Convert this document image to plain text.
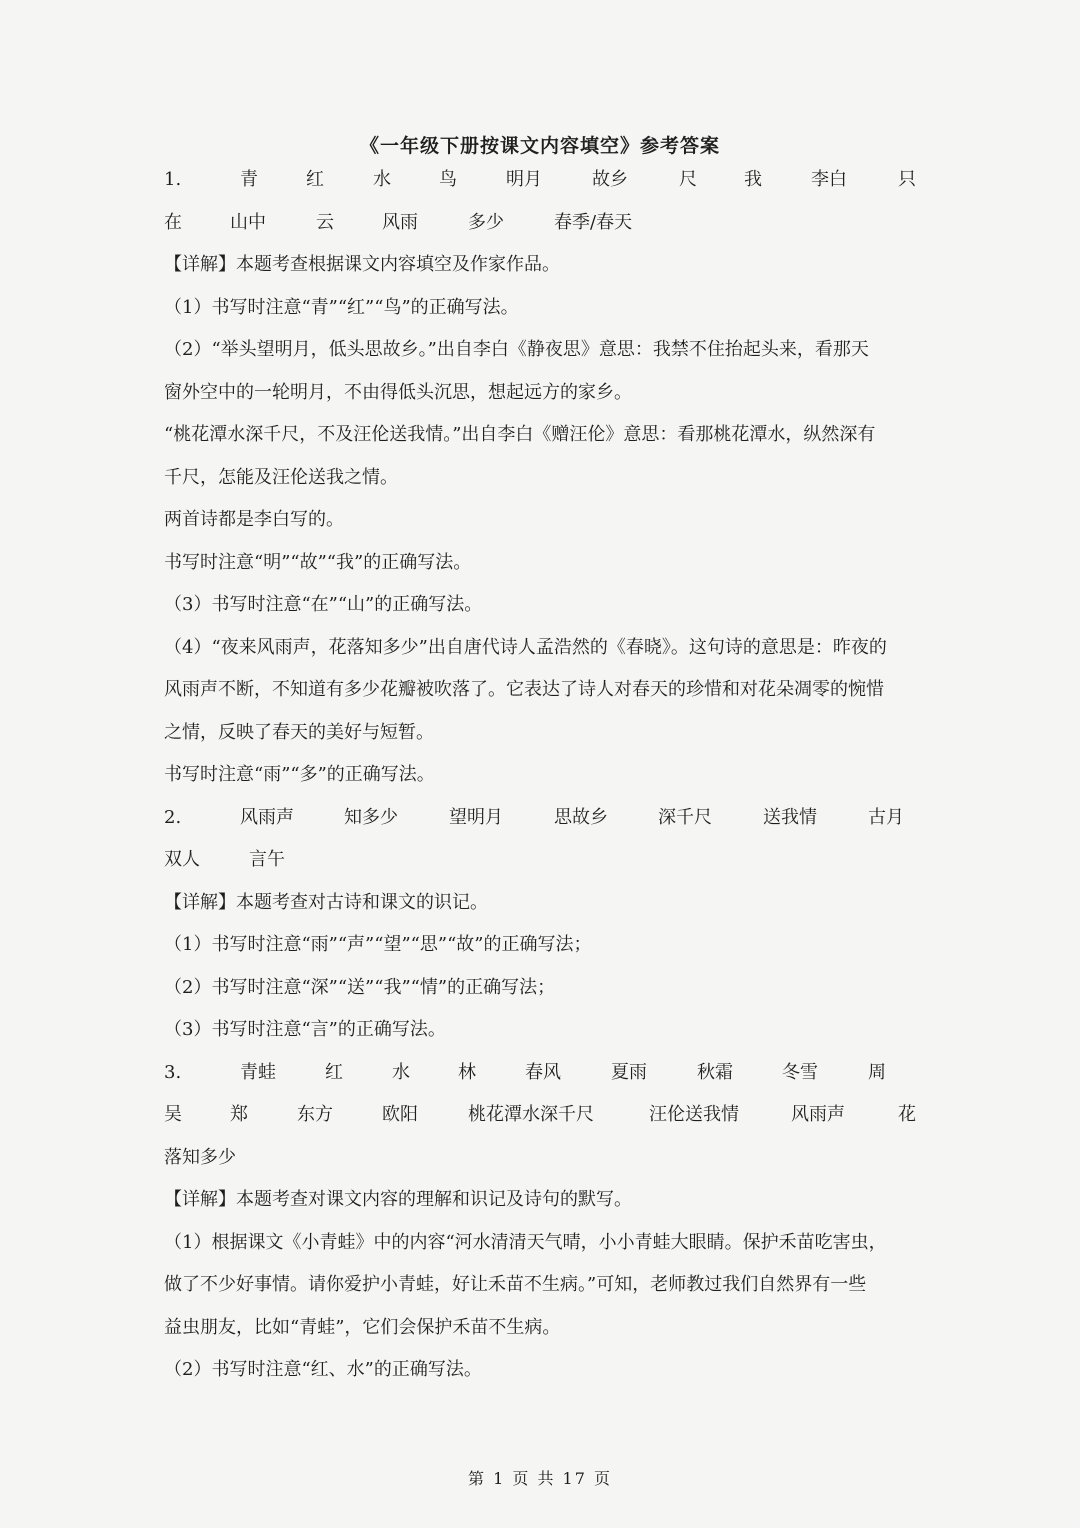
《一年级下册按课文内容填空》参考答案
1.	青	红	水	鸟	明月	故乡	尺	我	李白	只
在	山中	云	风雨	多少	春季/春天
【详解】本题考查根据课文内容填空及作家作品。
（1）书写时注意“青”“红”“鸟”的正确写法。
（2）“举头望明月，低头思故乡。”出自李白《静夜思》意思：我禁不住抬起头来，看那天
窗外空中的一轮明月，不由得低头沉思，想起远方的家乡。
“桃花潭水深千尺，不及汪伦送我情。”出自李白《赠汪伦》意思：看那桃花潭水，纵然深有
千尺，怎能及汪伦送我之情。
两首诗都是李白写的。
书写时注意“明”“故”“我”的正确写法。
（3）书写时注意“在”“山”的正确写法。
（4）“夜来风雨声，花落知多少”出自唐代诗人孟浩然的《春晓》。这句诗的意思是：昨夜的
风雨声不断，不知道有多少花瓣被吹落了。它表达了诗人对春天的珍惜和对花朵凋零的惋惜
之情，反映了春天的美好与短暂。
书写时注意“雨”“多”的正确写法。
2.	风雨声	知多少	望明月	思故乡	深千尺	送我情	古月
双人	言午
【详解】本题考查对古诗和课文的识记。
（1）书写时注意“雨”“声”“望”“思”“故”的正确写法；
（2）书写时注意“深”“送”“我”“情”的正确写法；
（3）书写时注意“言”的正确写法。
3.	青蛙	红	水	林	春风	夏雨	秋霜	冬雪	周
吴	郑	东方	欧阳	桃花潭水深千尺	汪伦送我情	风雨声	花
落知多少
【详解】本题考查对课文内容的理解和识记及诗句的默写。
（1）根据课文《小青蛙》中的内容“河水清清天气晴，小小青蛙大眼睛。保护禾苗吃害虫，
做了不少好事情。请你爱护小青蛙，好让禾苗不生病。”可知，老师教过我们自然界有一些
益虫朋友，比如“青蛙”，它们会保护禾苗不生病。
（2）书写时注意“红、水”的正确写法。
第 1 页 共 17 页
